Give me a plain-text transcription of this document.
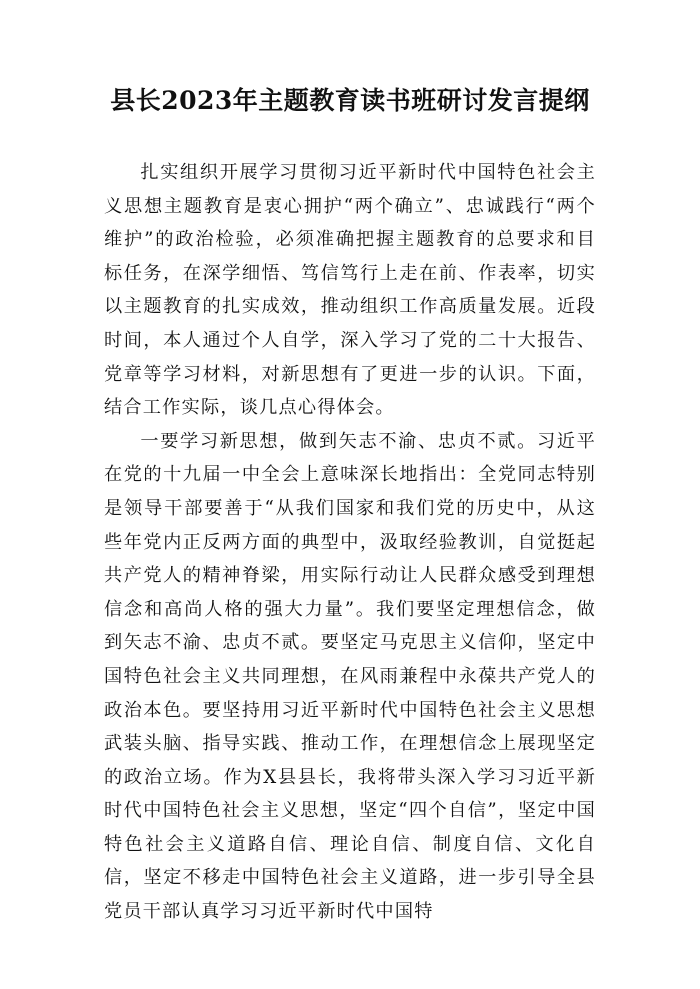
县长2023年主题教育读书班研讨发言提纲

扎实组织开展学习贯彻习近平新时代中国特色社会主义思想主题教育是衷心拥护“两个确立”、忠诚践行“两个维护”的政治检验，必须准确把握主题教育的总要求和目标任务，在深学细悟、笃信笃行上走在前、作表率，切实以主题教育的扎实成效，推动组织工作高质量发展。近段时间，本人通过个人自学，深入学习了党的二十大报告、党章等学习材料，对新思想有了更进一步的认识。下面，结合工作实际，谈几点心得体会。

一要学习新思想，做到矢志不渝、忠贞不贰。习近平在党的十九届一中全会上意味深长地指出：全党同志特别是领导干部要善于“从我们国家和我们党的历史中，从这些年党内正反两方面的典型中，汲取经验教训，自觉挺起共产党人的精神脊梁，用实际行动让人民群众感受到理想信念和高尚人格的强大力量”。我们要坚定理想信念，做到矢志不渝、忠贞不贰。要坚定马克思主义信仰，坚定中国特色社会主义共同理想，在风雨兼程中永葆共产党人的政治本色。要坚持用习近平新时代中国特色社会主义思想武装头脑、指导实践、推动工作，在理想信念上展现坚定的政治立场。作为X县县长，我将带头深入学习习近平新时代中国特色社会主义思想，坚定“四个自信”，坚定中国特色社会主义道路自信、理论自信、制度自信、文化自信，坚定不移走中国特色社会主义道路，进一步引导全县党员干部认真学习习近平新时代中国特
